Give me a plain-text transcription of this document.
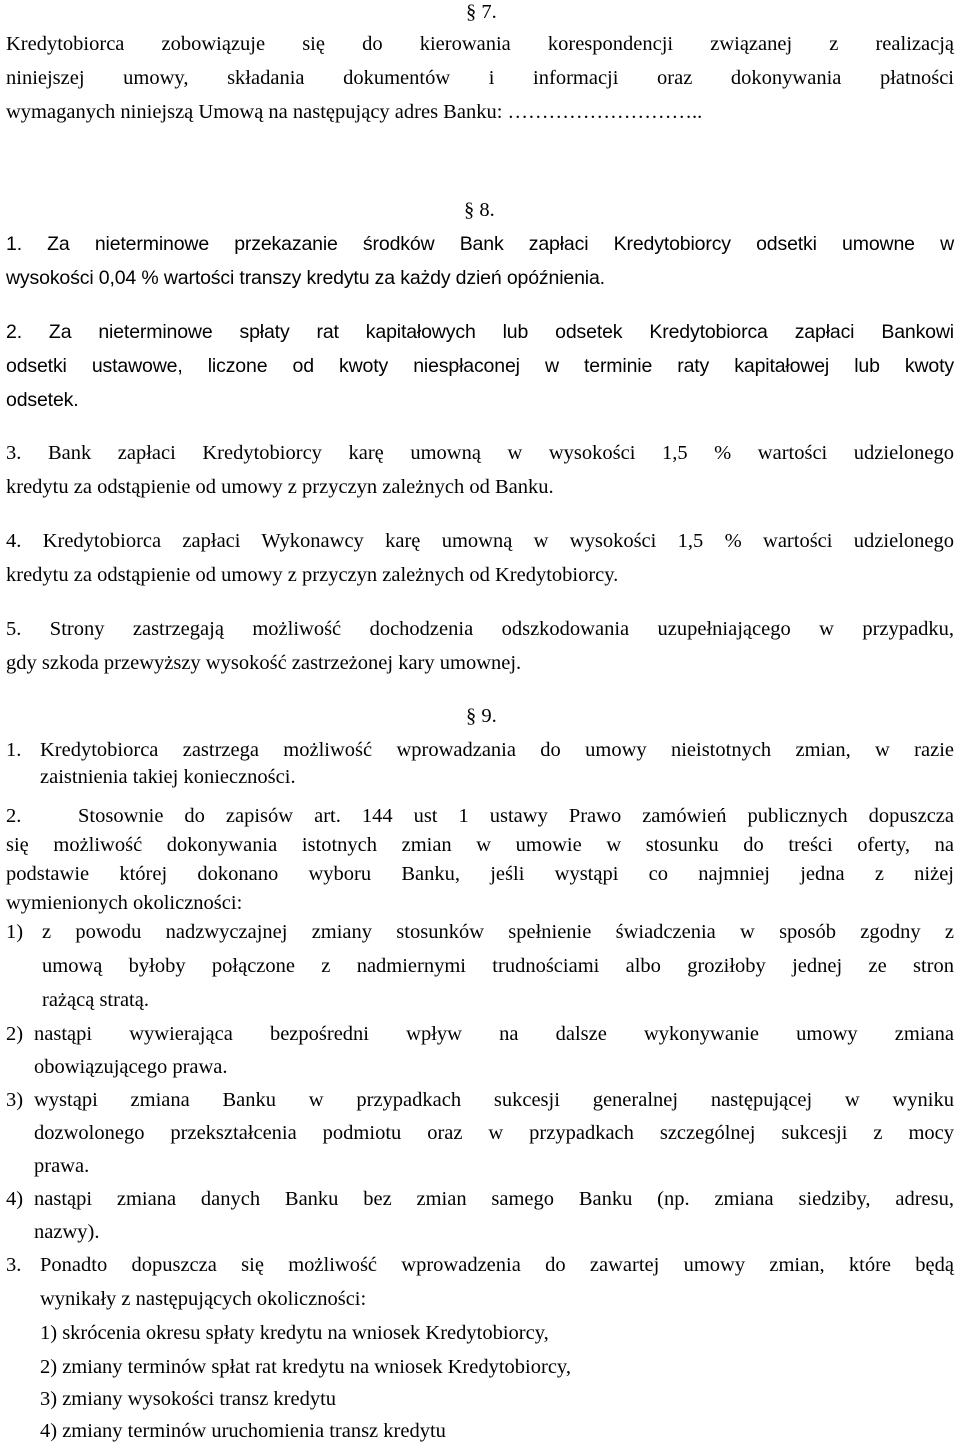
§ 7.
Kredytobiorca zobowiązuje się do kierowania korespondencji związanej z realizacją
niniejszej umowy, składania dokumentów i informacji oraz dokonywania płatności
wymaganych niniejszą Umową na następujący adres Banku: ………………………..
§ 8.
1. Za nieterminowe przekazanie środków Bank zapłaci Kredytobiorcy odsetki umowne w
wysokości 0,04 % wartości transzy kredytu za każdy dzień opóźnienia.
2. Za nieterminowe spłaty rat kapitałowych lub odsetek Kredytobiorca zapłaci Bankowi
odsetki ustawowe, liczone od kwoty niespłaconej w terminie raty kapitałowej lub kwoty
odsetek.
3. Bank zapłaci Kredytobiorcy karę umowną w wysokości 1,5 % wartości udzielonego
kredytu za odstąpienie od umowy z przyczyn zależnych od Banku.
4. Kredytobiorca zapłaci Wykonawcy karę umowną w wysokości 1,5 % wartości udzielonego
kredytu za odstąpienie od umowy z przyczyn zależnych od Kredytobiorcy.
5. Strony zastrzegają możliwość dochodzenia odszkodowania uzupełniającego w przypadku,
gdy szkoda przewyższy wysokość zastrzeżonej kary umownej.
§ 9.
1. Kredytobiorca zastrzega możliwość wprowadzania do umowy nieistotnych zmian, w razie
zaistnienia takiej konieczności.
2.	Stosownie do zapisów art. 144 ust 1 ustawy Prawo zamówień publicznych dopuszcza
się możliwość dokonywania istotnych zmian w umowie w stosunku do treści oferty, na
podstawie której dokonano wyboru Banku, jeśli wystąpi co najmniej jedna z niżej
wymienionych okoliczności:
1) z powodu nadzwyczajnej zmiany stosunków spełnienie świadczenia w sposób zgodny z
umową byłoby połączone z nadmiernymi trudnościami albo groziłoby jednej ze stron
rażącą stratą.
2) nastąpi wywierająca bezpośredni wpływ na dalsze wykonywanie umowy zmiana
obowiązującego prawa.
3) wystąpi zmiana Banku w przypadkach sukcesji generalnej następującej w wyniku
dozwolonego przekształcenia podmiotu oraz w przypadkach szczególnej sukcesji z mocy
prawa.
4) nastąpi zmiana danych Banku bez zmian samego Banku (np. zmiana siedziby, adresu,
nazwy).
3. Ponadto dopuszcza się możliwość wprowadzenia do zawartej umowy zmian, które będą
wynikały z następujących okoliczności:
1) skrócenia okresu spłaty kredytu na wniosek Kredytobiorcy,
2) zmiany terminów spłat rat kredytu na wniosek Kredytobiorcy,
3) zmiany wysokości transz kredytu
4) zmiany terminów uruchomienia transz kredytu
